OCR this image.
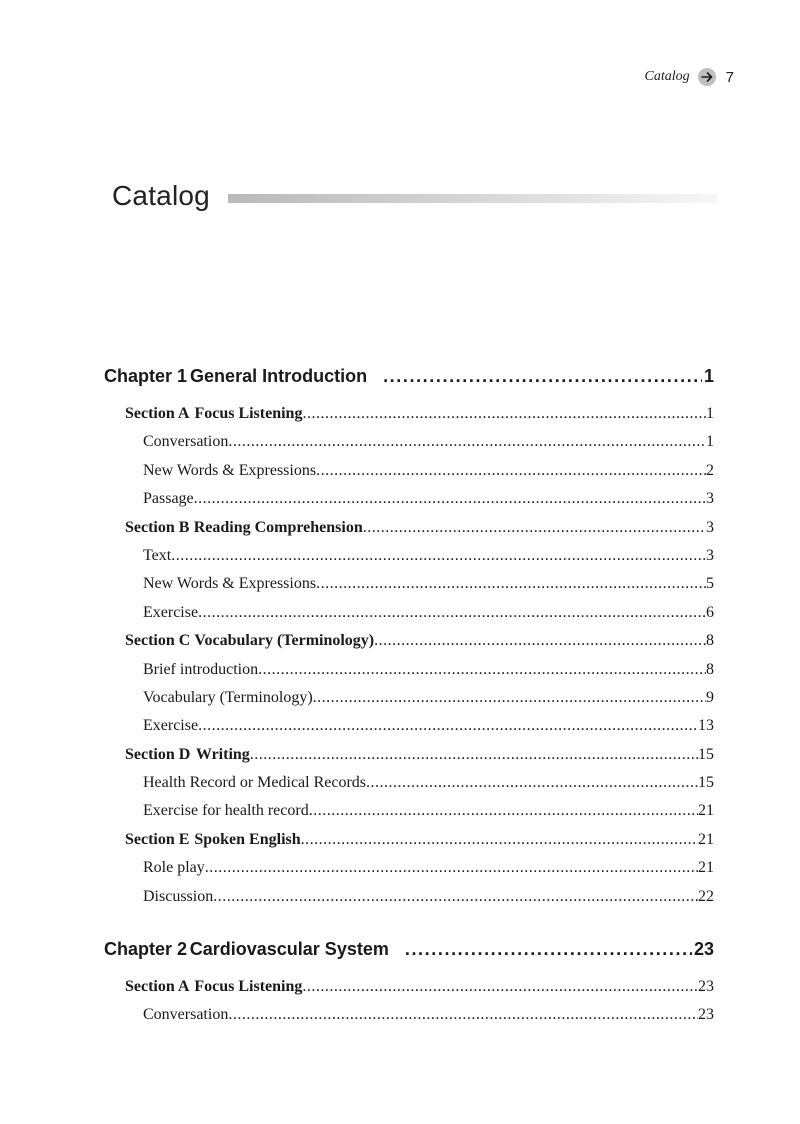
Catalog 7
Catalog
Chapter 1 General Introduction .....	1
Section A Focus Listening .....	1
Conversation .....	1
New Words & Expressions .....	2
Passage .....	3
Section B Reading Comprehension .....	3
Text .....	3
New Words & Expressions .....	5
Exercise .....	6
Section C Vocabulary (Terminology) .....	8
Brief introduction .....	8
Vocabulary (Terminology) .....	9
Exercise .....	13
Section D Writing .....	15
Health Record or Medical Records .....	15
Exercise for health record .....	21
Section E Spoken English .....	21
Role play .....	21
Discussion .....	22
Chapter 2 Cardiovascular System .....	23
Section A Focus Listening .....	23
Conversation .....	23
